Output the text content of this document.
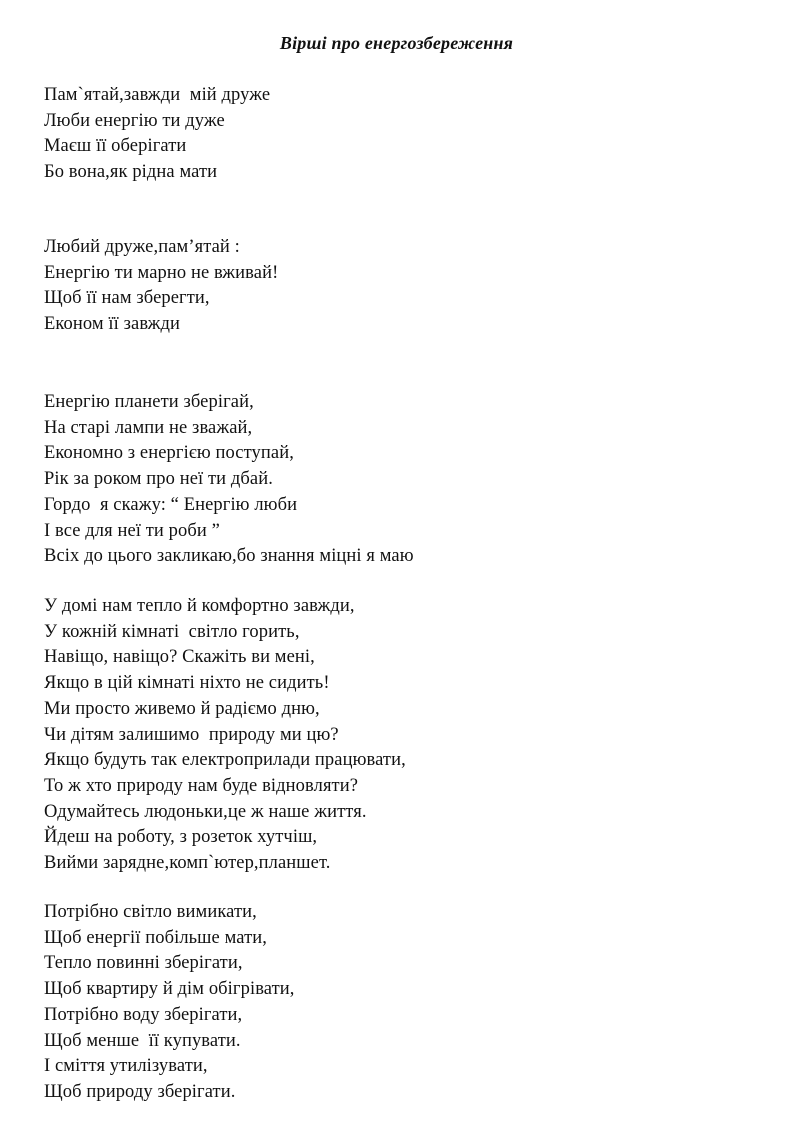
Вірші про енергозбереження
Пам`ятай,завжди  мій друже
Люби енергію ти дуже
Маєш її оберігати
Бо вона,як рідна мати
Любий друже,пам’ятай :
Енергію ти марно не вживай!
Щоб її нам зберегти,
Економ її завжди
Енергію планети зберігай,
На старі лампи не зважай,
Економно з енергією поступай,
Рік за роком про неї ти дбай.
Гордо  я скажу: “ Енергію люби
І все для неї ти роби ”
Всіх до цього закликаю,бо знання міцні я маю
У домі нам тепло й комфортно завжди,
У кожній кімнаті  світло горить,
Навіщо, навіщо? Скажіть ви мені,
Якщо в цій кімнаті ніхто не сидить!
Ми просто живемо й радіємо дню,
Чи дітям залишимо  природу ми цю?
Якщо будуть так електроприлади працювати,
То ж хто природу нам буде відновляти?
Одумайтесь людоньки,це ж наше життя.
Йдеш на роботу, з розеток хутчіш,
Вийми зарядне,комп`ютер,планшет.
Потрібно світло вимикати,
Щоб енергії побільше мати,
Тепло повинні зберігати,
Щоб квартиру й дім обігрівати,
Потрібно воду зберігати,
Щоб менше  її купувати.
І сміття утилізувати,
Щоб природу зберігати.
